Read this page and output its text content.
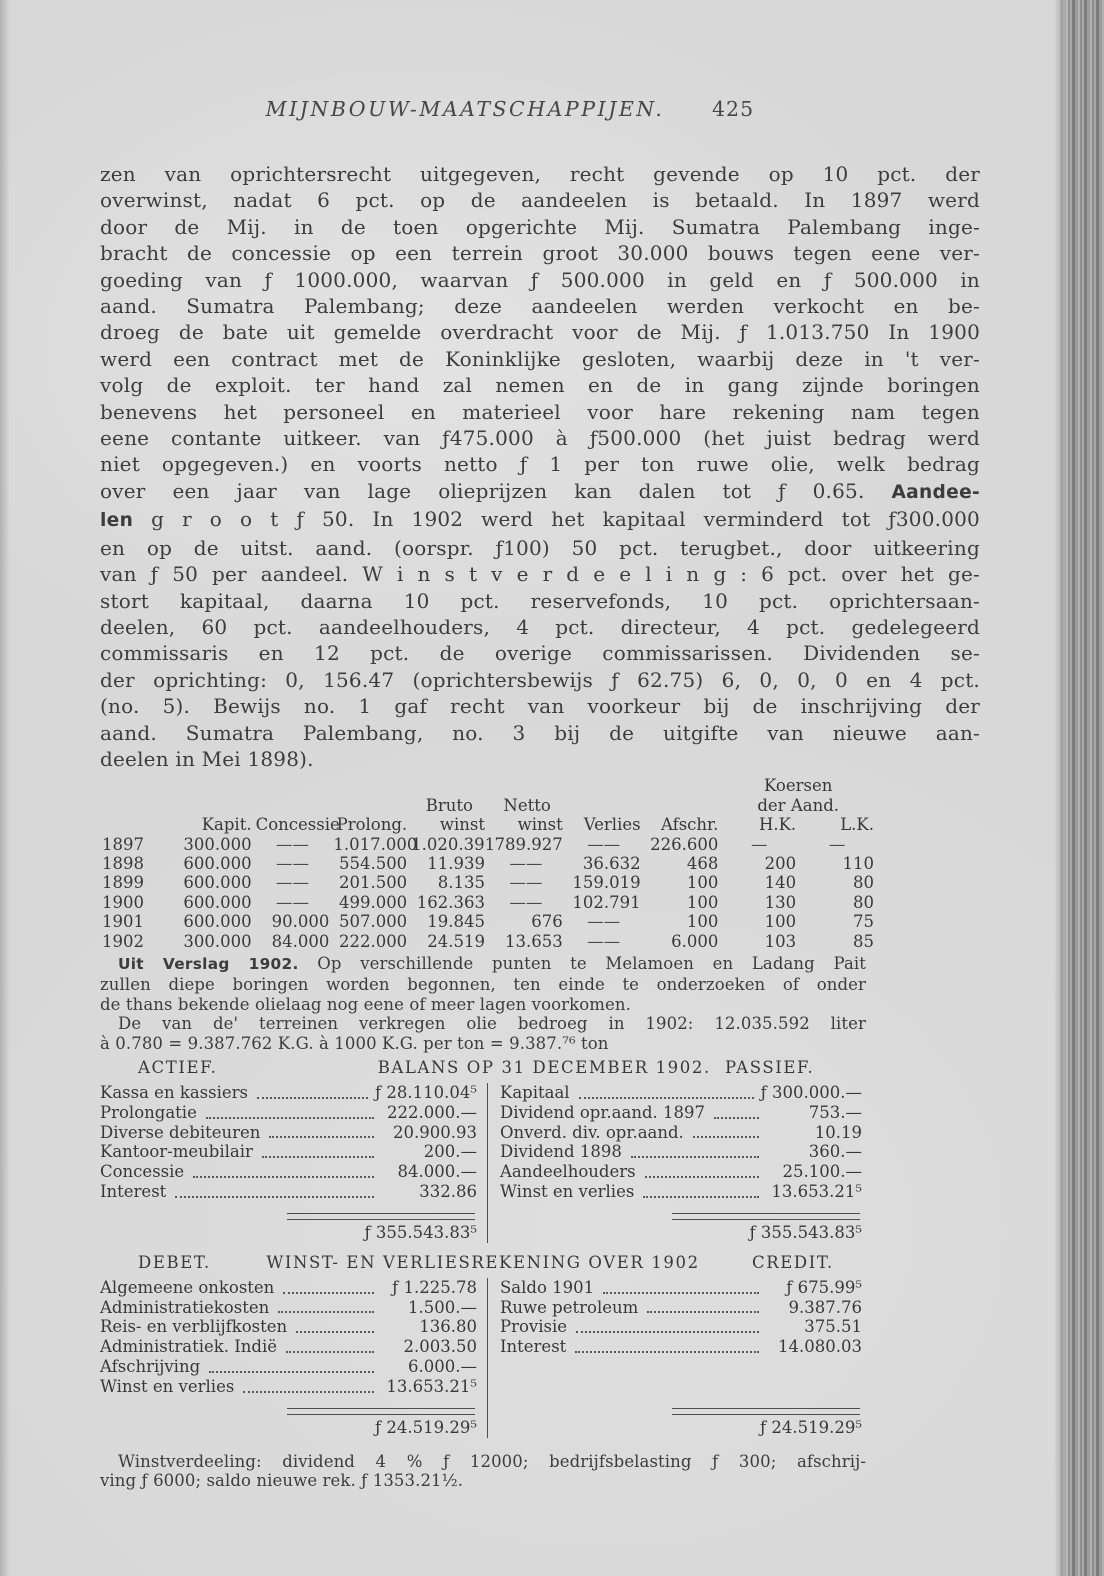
MIJNBOUW-MAATSCHAPPIJEN. 425
zen van oprichtersrecht uitgegeven, recht gevende op 10 pct. der
overwinst, nadat 6 pct. op de aandeelen is betaald. In 1897 werd
door de Mij. in de toen opgerichte Mij. Sumatra Palembang inge-
bracht de concessie op een terrein groot 30.000 bouws tegen eene ver-
goeding van ƒ 1000.000, waarvan ƒ 500.000 in geld en ƒ 500.000 in
aand. Sumatra Palembang; deze aandeelen werden verkocht en be-
droeg de bate uit gemelde overdracht voor de Mij. ƒ 1.013.750 In 1900
werd een contract met de Koninklijke gesloten, waarbij deze in 't ver-
volg de exploit. ter hand zal nemen en de in gang zijnde boringen
benevens het personeel en materieel voor hare rekening nam tegen
eene contante uitkeer. van ƒ475.000 à ƒ500.000 (het juist bedrag werd
niet opgegeven.) en voorts netto ƒ 1 per ton ruwe olie, welk bedrag
over een jaar van lage olieprijzen kan dalen tot ƒ 0.65. Aandee-
len g r o o t ƒ 50. In 1902 werd het kapitaal verminderd tot ƒ300.000
en op de uitst. aand. (oorspr. ƒ100) 50 pct. terugbet., door uitkeering
van ƒ 50 per aandeel. W i n s t v e r d e e l i n g : 6 pct. over het ge-
stort kapitaal, daarna 10 pct. reservefonds, 10 pct. oprichtersaan-
deelen, 60 pct. aandeelhouders, 4 pct. directeur, 4 pct. gedelegeerd
commissaris en 12 pct. de overige commissarissen. Dividenden se-
der oprichting: 0, 156.47 (oprichtersbewijs ƒ 62.75) 6, 0, 0, 0 en 4 pct.
(no. 5). Bewijs no. 1 gaf recht van voorkeur bij de inschrijving der
aand. Sumatra Palembang, no. 3 bij de uitgifte van nieuwe aan-
deelen in Mei 1898).
								Koersen	
				Bruto	Netto			der Aand.	
	Kapit.	Concessie	Prolong.	winst	winst	Verlies	Afschr.	H.K.	L.K.
1897	300.000	——	1.017.000	1.020.391	789.927	——	226.600	—	—
1898	600.000	——	554.500	11.939	——	36.632	468	200	110
1899	600.000	——	201.500	8.135	——	159.019	100	140	80
1900	600.000	——	499.000	162.363	——	102.791	100	130	80
1901	600.000	90.000	507.000	19.845	676	——	100	100	75
1902	300.000	84.000	222.000	24.519	13.653	——	6.000	103	85
Uit Verslag 1902. Op verschillende punten te Melamoen en Ladang Pait
zullen diepe boringen worden begonnen, ten einde te onderzoeken of onder
de thans bekende olielaag nog eene of meer lagen voorkomen.
De van de' terreinen verkregen olie bedroeg in 1902: 12.035.592 liter
à 0.780 = 9.387.762 K.G. à 1000 K.G. per ton = 9.387.⁷⁶ ton
ACTIEF.	BALANS OP 31 DECEMBER 1902. PASSIEF.
Kassa en kassiers	ƒ 28.110.04⁵
Prolongatie	222.000.—
Diverse debiteuren	20.900.93
Kantoor-meubilair	200.—
Concessie	84.000.—
Interest	332.86
ƒ 355.543.83⁵
Kapitaal	ƒ 300.000.—
Dividend opr.aand. 1897	753.—
Onverd. div. opr.aand.	10.19
Dividend 1898	360.—
Aandeelhouders	25.100.—
Winst en verlies	13.653.21⁵
ƒ 355.543.83⁵
DEBET.	WINST- EN VERLIESREKENING OVER 1902	CREDIT.
Algemeene onkosten	ƒ 1.225.78
Administratiekosten	1.500.—
Reis- en verblijfkosten	136.80
Administratiek. Indië	2.003.50
Afschrijving	6.000.—
Winst en verlies	13.653.21⁵
ƒ 24.519.29⁵
Saldo 1901	ƒ 675.99⁵
Ruwe petroleum	9.387.76
Provisie	375.51
Interest	14.080.03
ƒ 24.519.29⁵
Winstverdeeling: dividend 4 % ƒ 12000; bedrijfsbelasting ƒ 300; afschrij-
ving ƒ 6000; saldo nieuwe rek. ƒ 1353.21½.
